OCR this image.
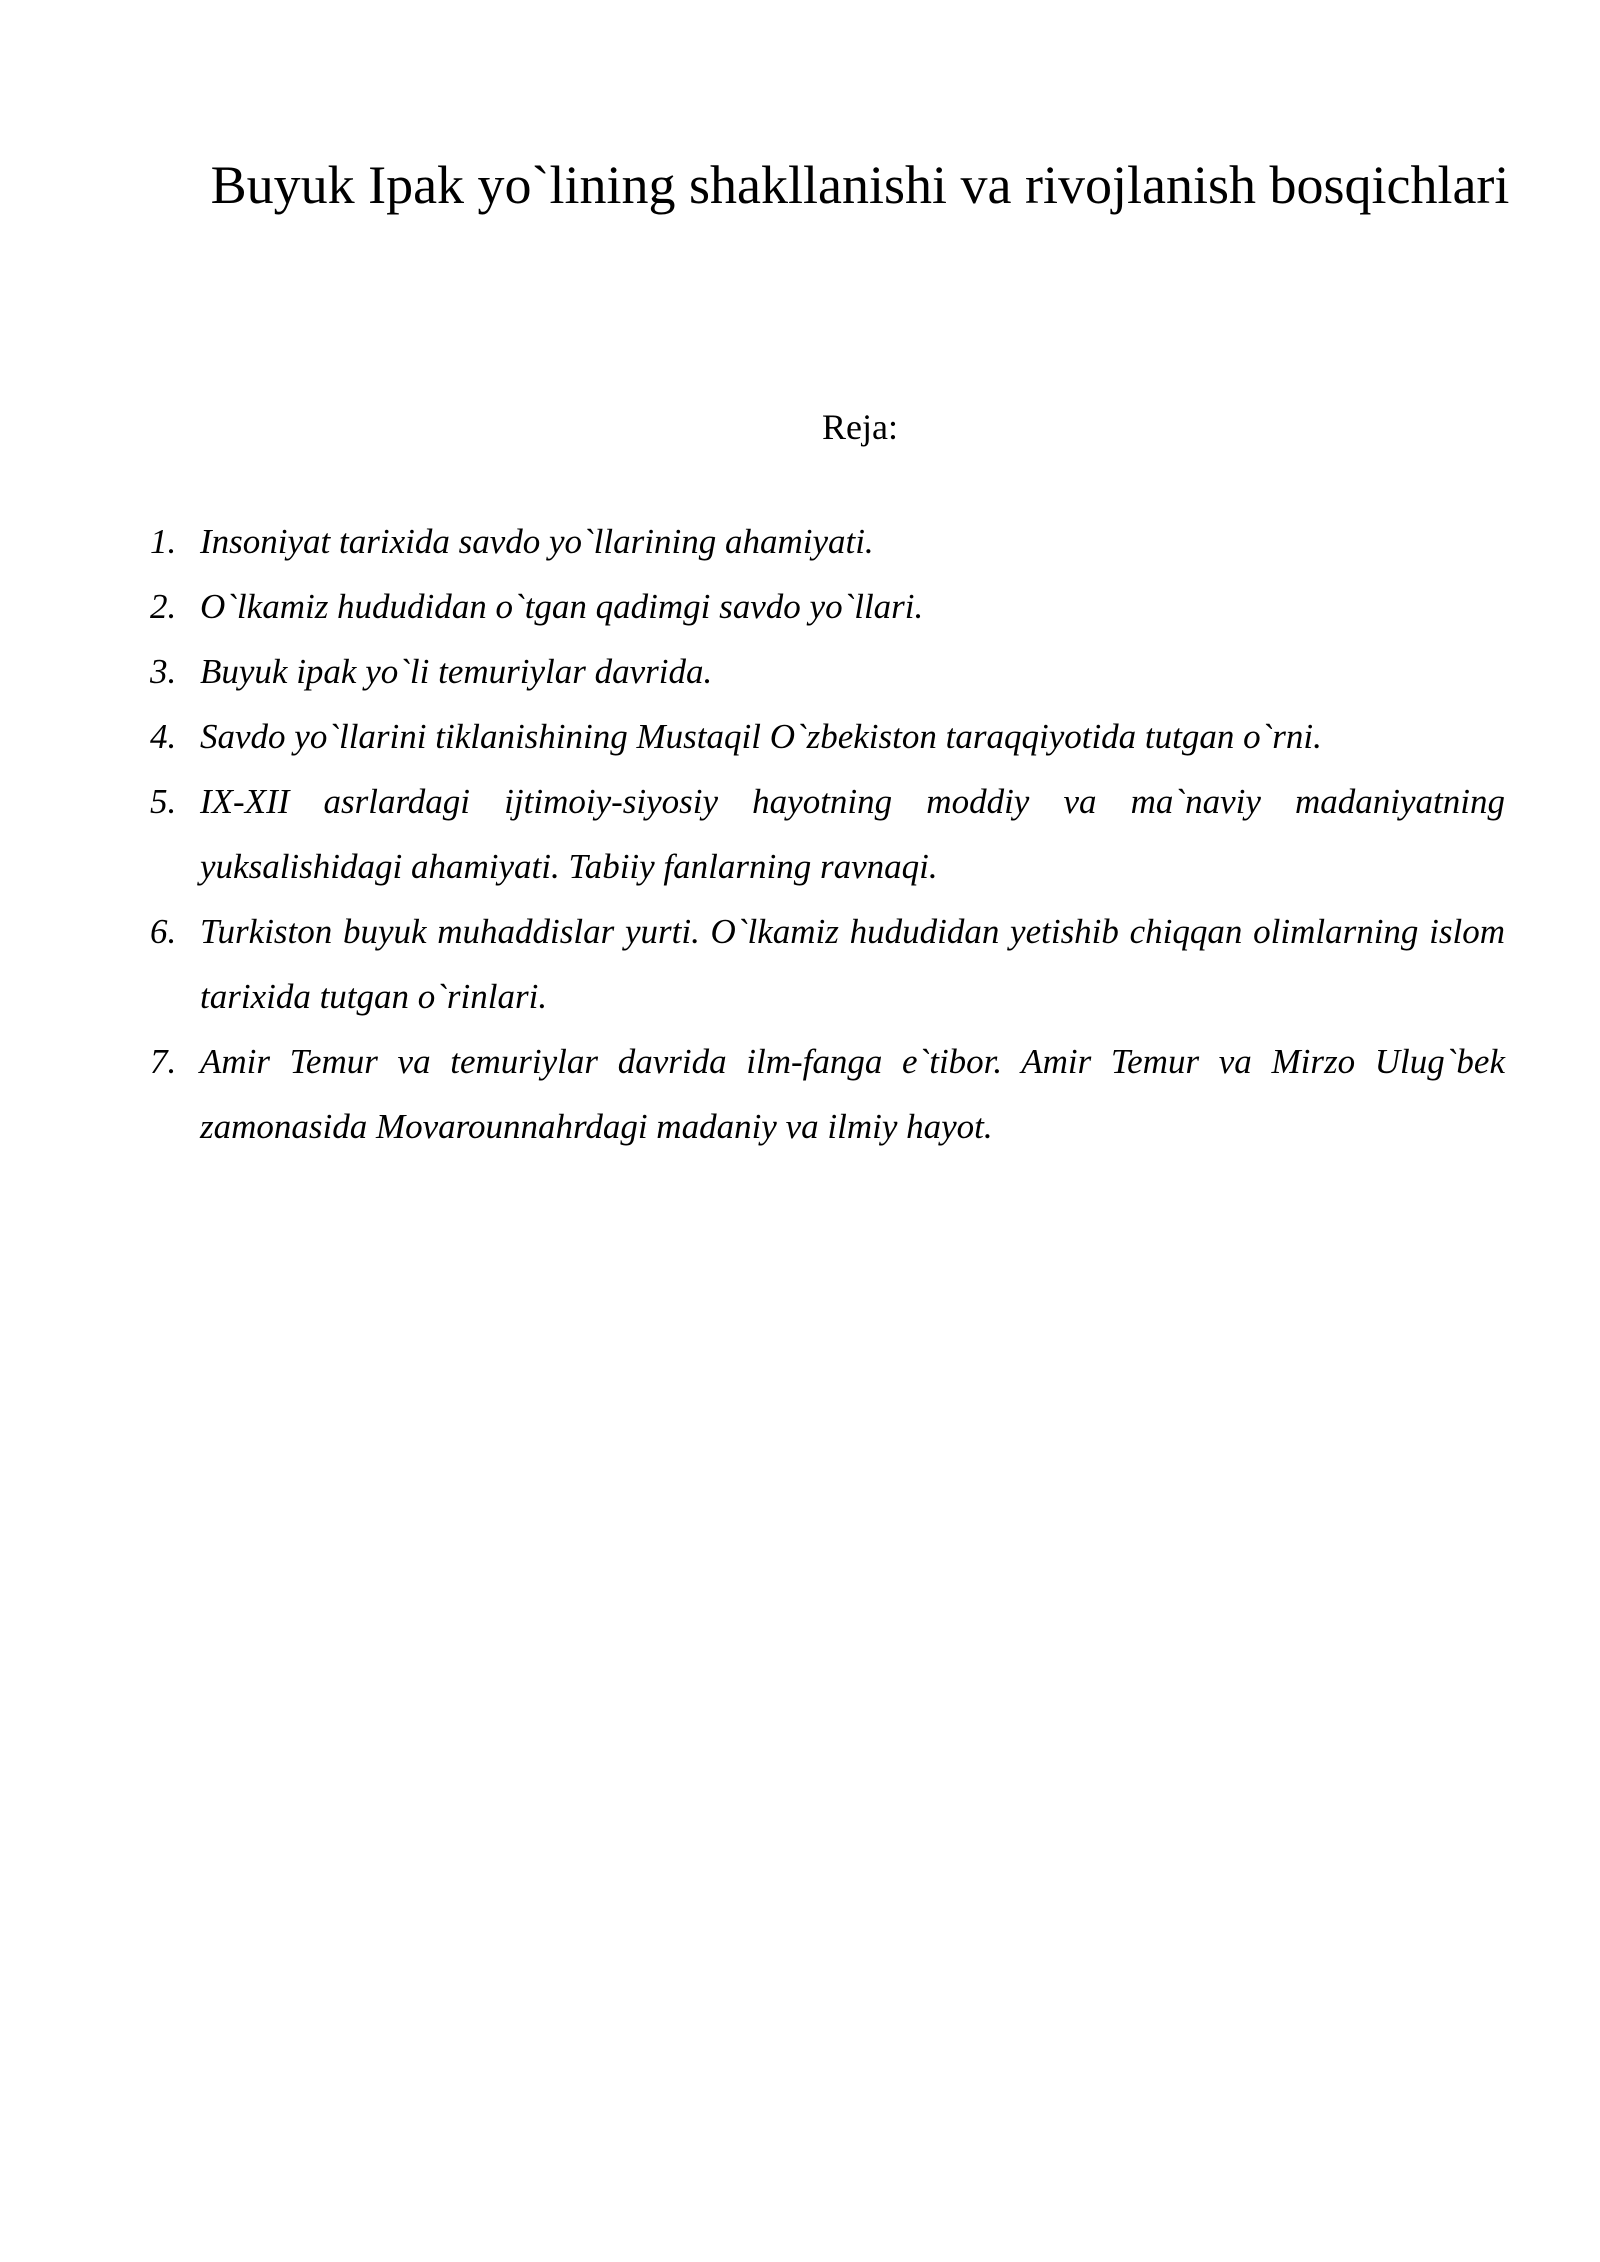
Buyuk Ipak yo`lining shakllanishi va rivojlanish bosqichlari

Reja:

1. Insoniyat tarixida savdo yo`llarining ahamiyati.
2. O`lkamiz hududidan o`tgan qadimgi savdo yo`llari.
3. Buyuk ipak yo`li temuriylar davrida.
4. Savdo yo`llarini tiklanishining Mustaqil O`zbekiston taraqqiyotida tutgan o`rni.
5. IX-XII asrlardagi ijtimoiy-siyosiy hayotning moddiy va ma`naviy madaniyatning yuksalishidagi ahamiyati. Tabiiy fanlarning ravnaqi.
6. Turkiston buyuk muhaddislar yurti. O`lkamiz hududidan yetishib chiqqan olimlarning islom tarixida tutgan o`rinlari.
7. Amir Temur va temuriylar davrida ilm-fanga e`tibor. Amir Temur va Mirzo Ulug`bek zamonasida Movarounnahrdagi madaniy va ilmiy hayot.
